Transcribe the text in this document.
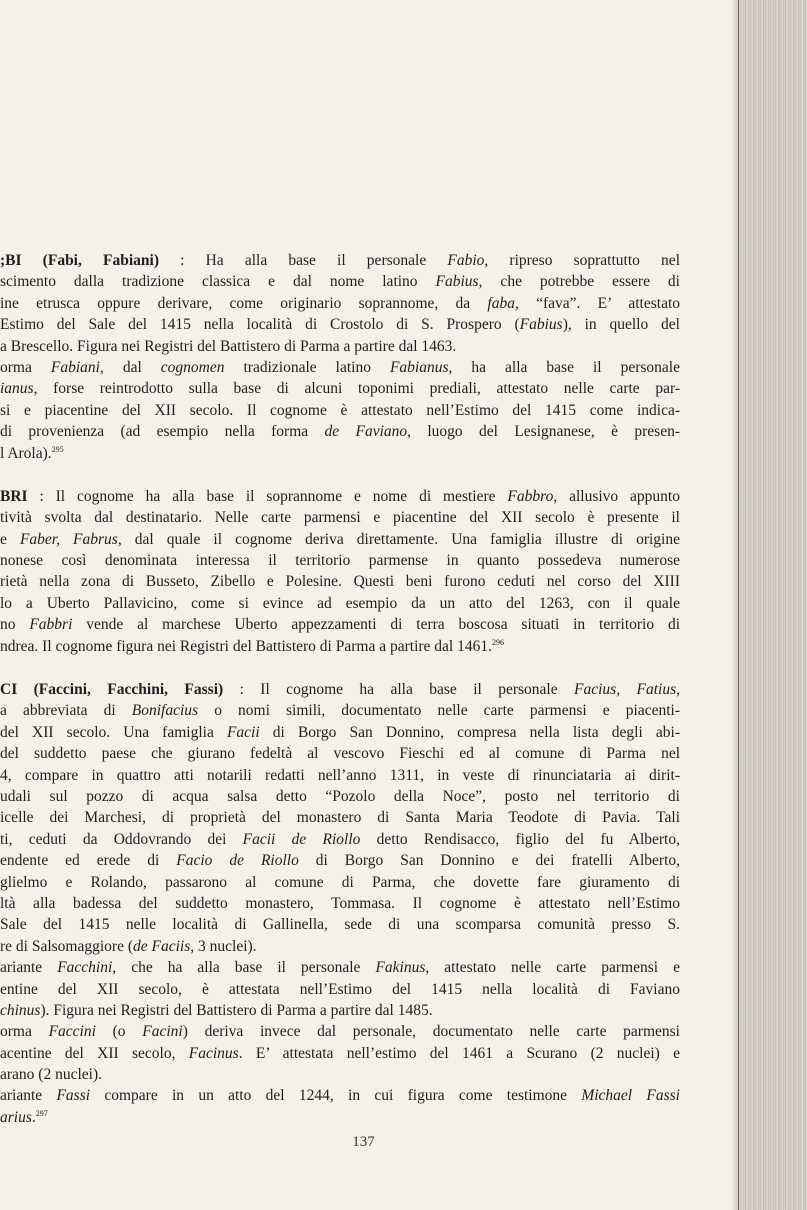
;BI (Fabi, Fabiani) : Ha alla base il personale Fabio, ripreso soprattutto nel
scimento dalla tradizione classica e dal nome latino Fabius, che potrebbe essere di
ine etrusca oppure derivare, come originario soprannome, da faba, “fava”. E’ attestato
Estimo del Sale del 1415 nella località di Crostolo di S. Prospero (Fabius), in quello del
a Brescello. Figura nei Registri del Battistero di Parma a partire dal 1463.
orma Fabiani, dal cognomen tradizionale latino Fabianus, ha alla base il personale
ianus, forse reintrodotto sulla base di alcuni toponimi prediali, attestato nelle carte par-
si e piacentine del XII secolo. Il cognome è attestato nell’Estimo del 1415 come indica-
di provenienza (ad esempio nella forma de Faviano, luogo del Lesignanese, è presen-
l Arola).$^{295}$
BRI : Il cognome ha alla base il soprannome e nome di mestiere Fabbro, allusivo appunto
tività svolta dal destinatario. Nelle carte parmensi e piacentine del XII secolo è presente il
e Faber, Fabrus, dal quale il cognome deriva direttamente. Una famiglia illustre di origine
nonese così denominata interessa il territorio parmense in quanto possedeva numerose
rietà nella zona di Busseto, Zibello e Polesine. Questi beni furono ceduti nel corso del XIII
lo a Uberto Pallavicino, come si evince ad esempio da un atto del 1263, con il quale
no Fabbri vende al marchese Uberto appezzamenti di terra boscosa situati in territorio di
ndrea. Il cognome figura nei Registri del Battistero di Parma a partire dal 1461.$^{296}$
CI (Faccini, Facchini, Fassi) : Il cognome ha alla base il personale Facius, Fatius,
a abbreviata di Bonifacius o nomi simili, documentato nelle carte parmensi e piacenti-
del XII secolo. Una famiglia Facii di Borgo San Donnino, compresa nella lista degli abi-
del suddetto paese che giurano fedeltà al vescovo Fieschi ed al comune di Parma nel
4, compare in quattro atti notarili redatti nell’anno 1311, in veste di rinunciataria ai dirit-
udali sul pozzo di acqua salsa detto “Pozolo della Noce”, posto nel territorio di
icelle dei Marchesi, di proprietà del monastero di Santa Maria Teodote di Pavia. Tali
ti, ceduti da Oddovrando dei Facii de Riollo detto Rendisacco, figlio del fu Alberto,
endente ed erede di Facio de Riollo di Borgo San Donnino e dei fratelli Alberto,
glielmo e Rolando, passarono al comune di Parma, che dovette fare giuramento di
ltà alla badessa del suddetto monastero, Tommasa. Il cognome è attestato nell’Estimo
Sale del 1415 nelle località di Gallinella, sede di una scomparsa comunità presso S.
re di Salsomaggiore (de Faciis, 3 nuclei).
ariante Facchini, che ha alla base il personale Fakinus, attestato nelle carte parmensi e
entine del XII secolo, è attestata nell’Estimo del 1415 nella località di Faviano
chinus). Figura nei Registri del Battistero di Parma a partire dal 1485.
orma Faccini (o Facini) deriva invece dal personale, documentato nelle carte parmensi
acentine del XII secolo, Facinus. E’ attestata nell’estimo del 1461 a Scurano (2 nuclei) e
arano (2 nuclei).
ariante Fassi compare in un atto del 1244, in cui figura come testimone Michael Fassi
arius.$^{297}$
137
